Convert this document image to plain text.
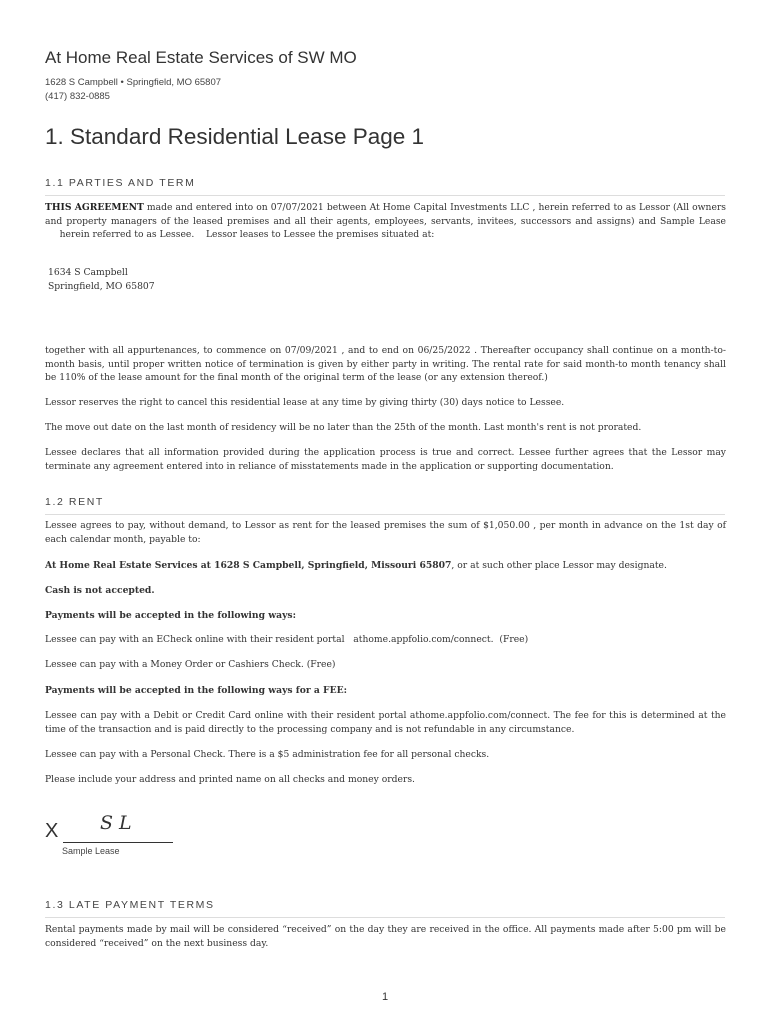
At Home Real Estate Services of SW MO
1628 S Campbell • Springfield, MO 65807
(417) 832-0885
1. Standard Residential Lease Page 1
1.1 PARTIES AND TERM
THIS AGREEMENT made and entered into on 07/07/2021 between At Home Capital Investments LLC , herein referred to as Lessor (All owners and property managers of the leased premises and all their agents, employees, servants, invitees, successors and assigns) and Sample Lease     herein referred to as Lessee.    Lessor leases to Lessee the premises situated at:
1634 S Campbell
Springfield, MO 65807
together with all appurtenances, to commence on 07/09/2021 , and to end on 06/25/2022 . Thereafter occupancy shall continue on a month-to-month basis, until proper written notice of termination is given by either party in writing. The rental rate for said month-to month tenancy shall be 110% of the lease amount for the final month of the original term of the lease (or any extension thereof.)
Lessor reserves the right to cancel this residential lease at any time by giving thirty (30) days notice to Lessee.
The move out date on the last month of residency will be no later than the 25th of the month. Last month's rent is not prorated.
Lessee declares that all information provided during the application process is true and correct. Lessee further agrees that the Lessor may terminate any agreement entered into in reliance of misstatements made in the application or supporting documentation.
1.2 RENT
Lessee agrees to pay, without demand, to Lessor as rent for the leased premises the sum of $1,050.00 , per month in advance on the 1st day of each calendar month, payable to:
At Home Real Estate Services at 1628 S Campbell, Springfield, Missouri 65807, or at such other place Lessor may designate.
Cash is not accepted.
Payments will be accepted in the following ways:
Lessee can pay with an ECheck online with their resident portal   athome.appfolio.com/connect.  (Free)
Lessee can pay with a Money Order or Cashiers Check. (Free)
Payments will be accepted in the following ways for a FEE:
Lessee can pay with a Debit or Credit Card online with their resident portal athome.appfolio.com/connect. The fee for this is determined at the time of the transaction and is paid directly to the processing company and is not refundable in any circumstance.
Lessee can pay with a Personal Check. There is a $5 administration fee for all personal checks.
Please include your address and printed name on all checks and money orders.
X S L
Sample Lease
1.3 LATE PAYMENT TERMS
Rental payments made by mail will be considered “received” on the day they are received in the office. All payments made after 5:00 pm will be considered “received” on the next business day.
1
